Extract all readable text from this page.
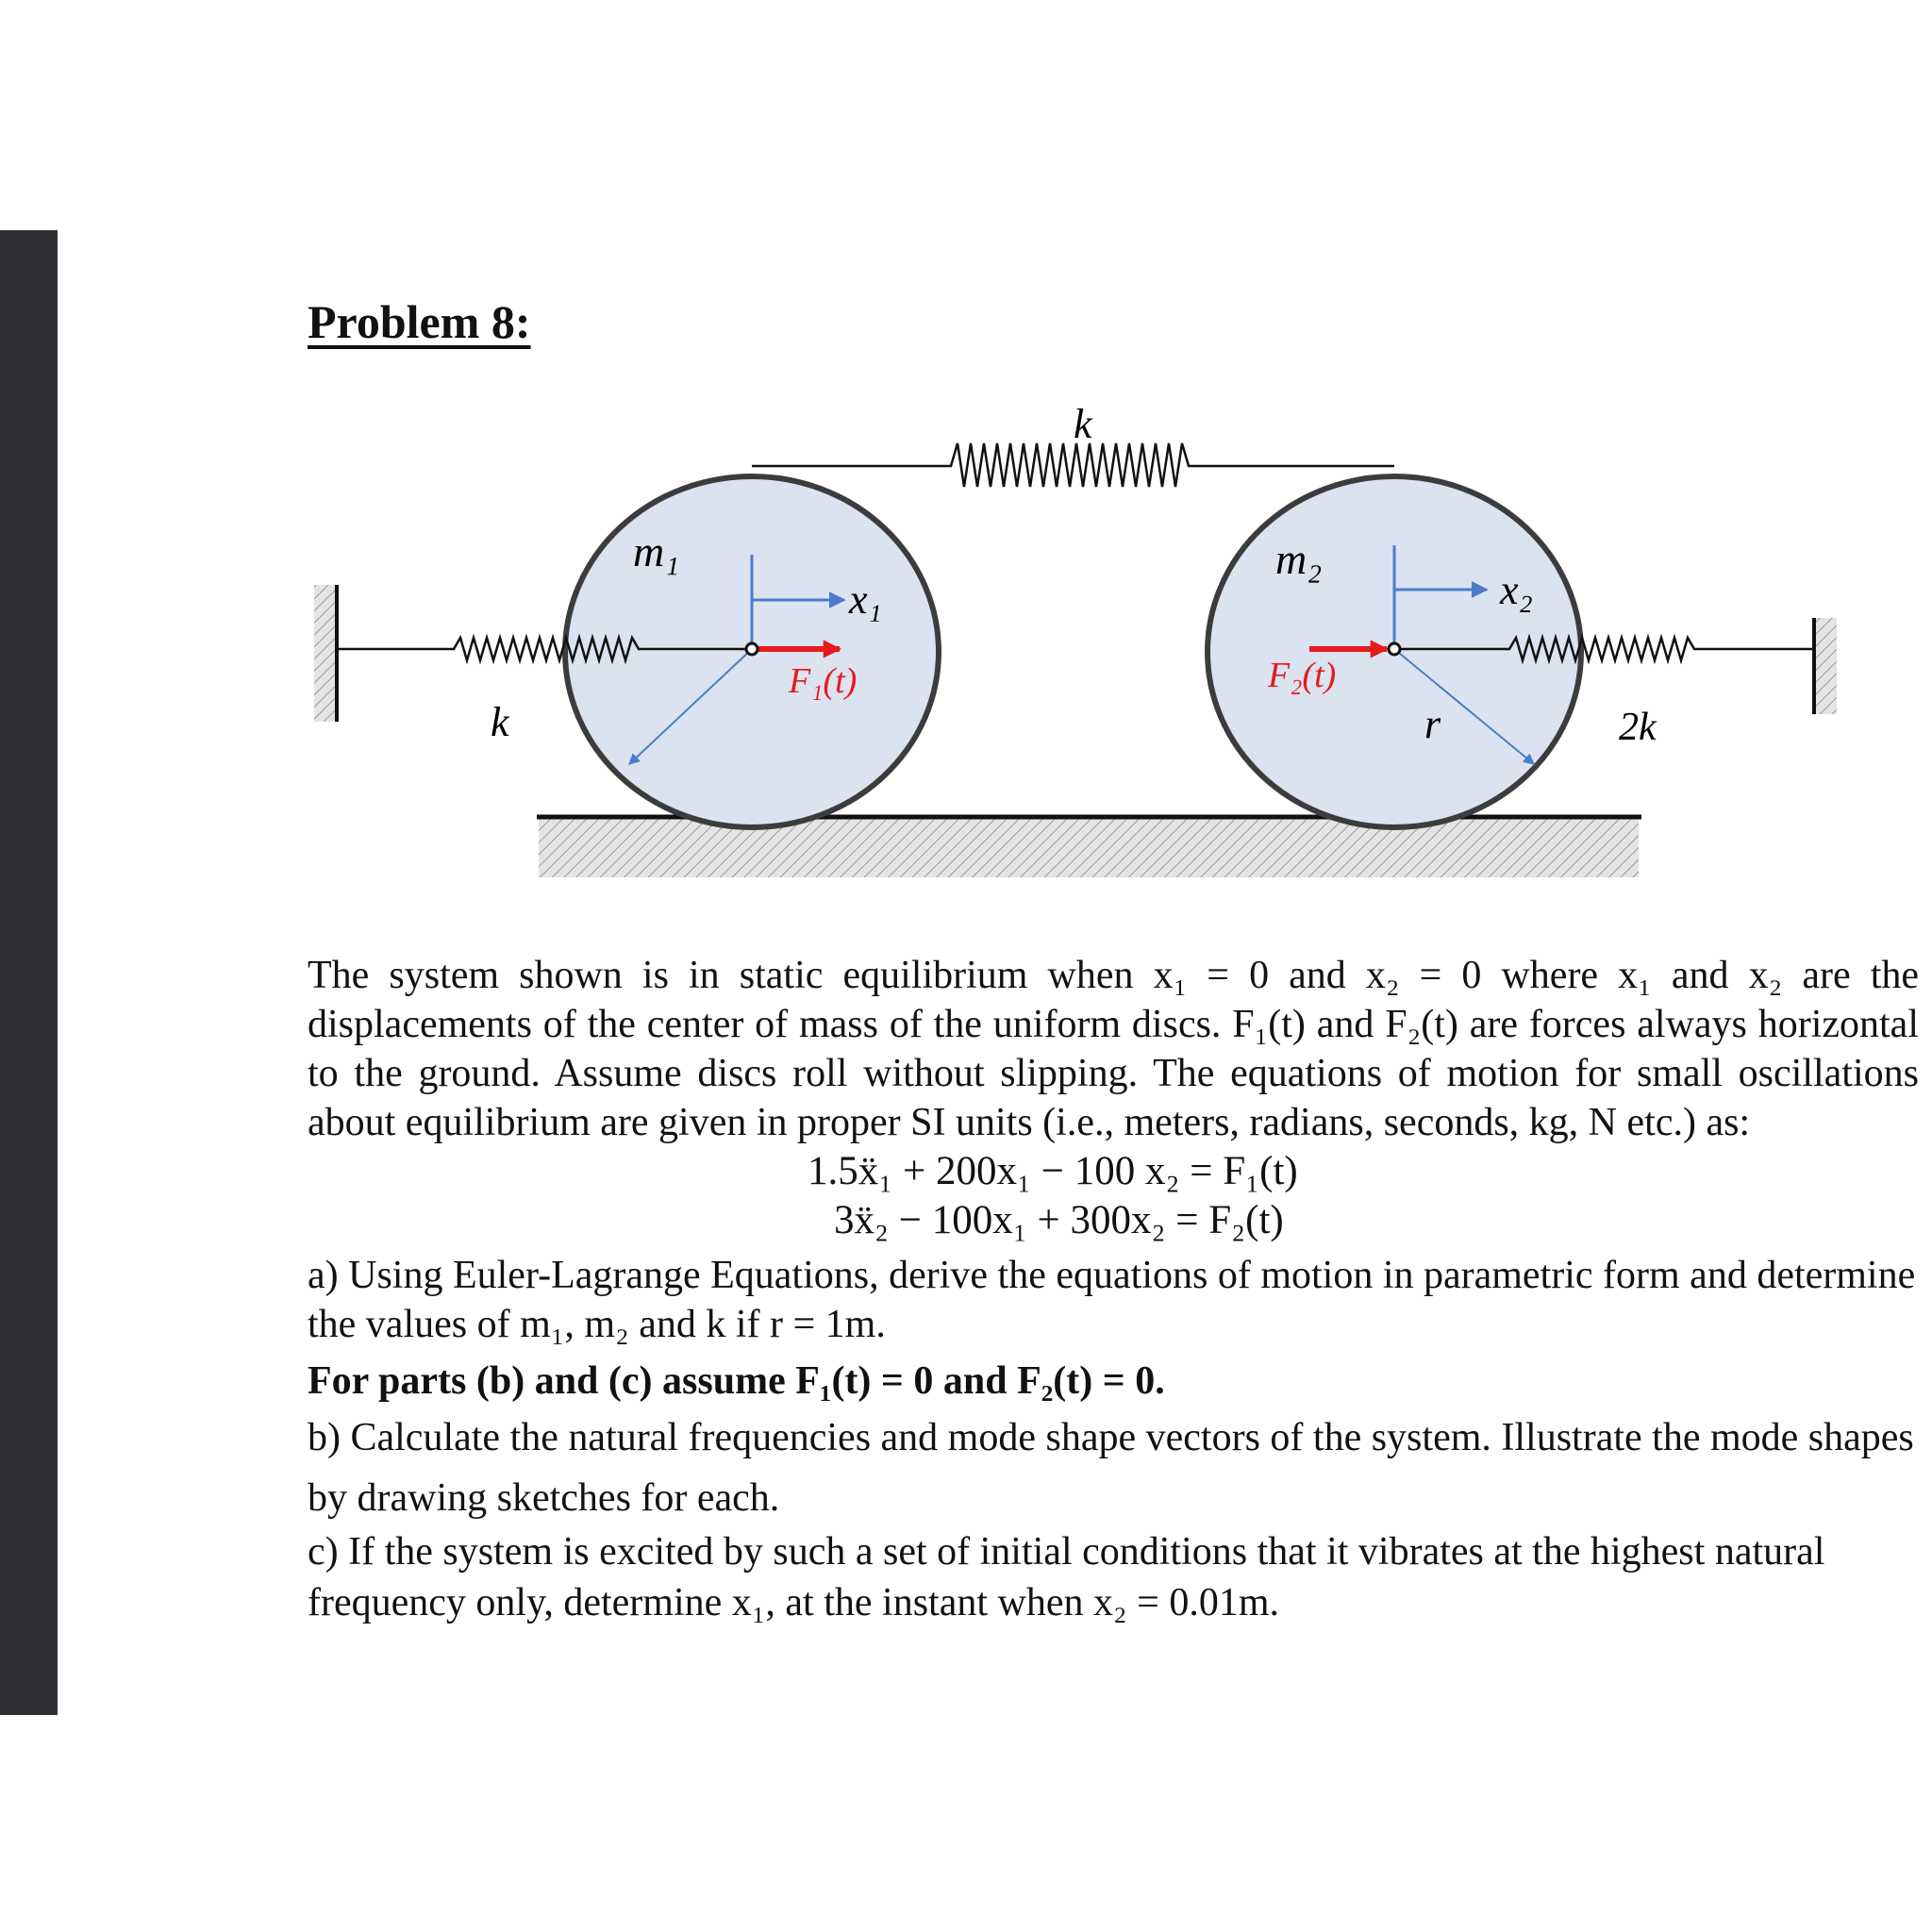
Problem 8:
m₁	m₂
x₁	x₂
F₁(t)	F₂(t)
k
k	2k
r

The system shown is in static equilibrium when x₁ = 0 and x₂ = 0 where x₁ and x₂ are the displacements of the center of mass of the uniform discs. F₁(t) and F₂(t) are forces always horizontal to the ground. Assume discs roll without slipping. The equations of motion for small oscillations about equilibrium are given in proper SI units (i.e., meters, radians, seconds, kg, N etc.) as:

1.5ẍ₁ + 200x₁ − 100 x₂ = F₁(t)

3ẍ₂ − 100x₁ + 300x₂ = F₂(t)

a) Using Euler-Lagrange Equations, derive the equations of motion in parametric form and determine the values of m₁, m₂ and k if r = 1m.

For parts (b) and (c) assume F₁(t) = 0 and F₂(t) = 0.

b) Calculate the natural frequencies and mode shape vectors of the system. Illustrate the mode shapes by drawing sketches for each.

c) If the system is excited by such a set of initial conditions that it vibrates at the highest natural frequency only, determine x₁, at the instant when x₂ = 0.01m.
